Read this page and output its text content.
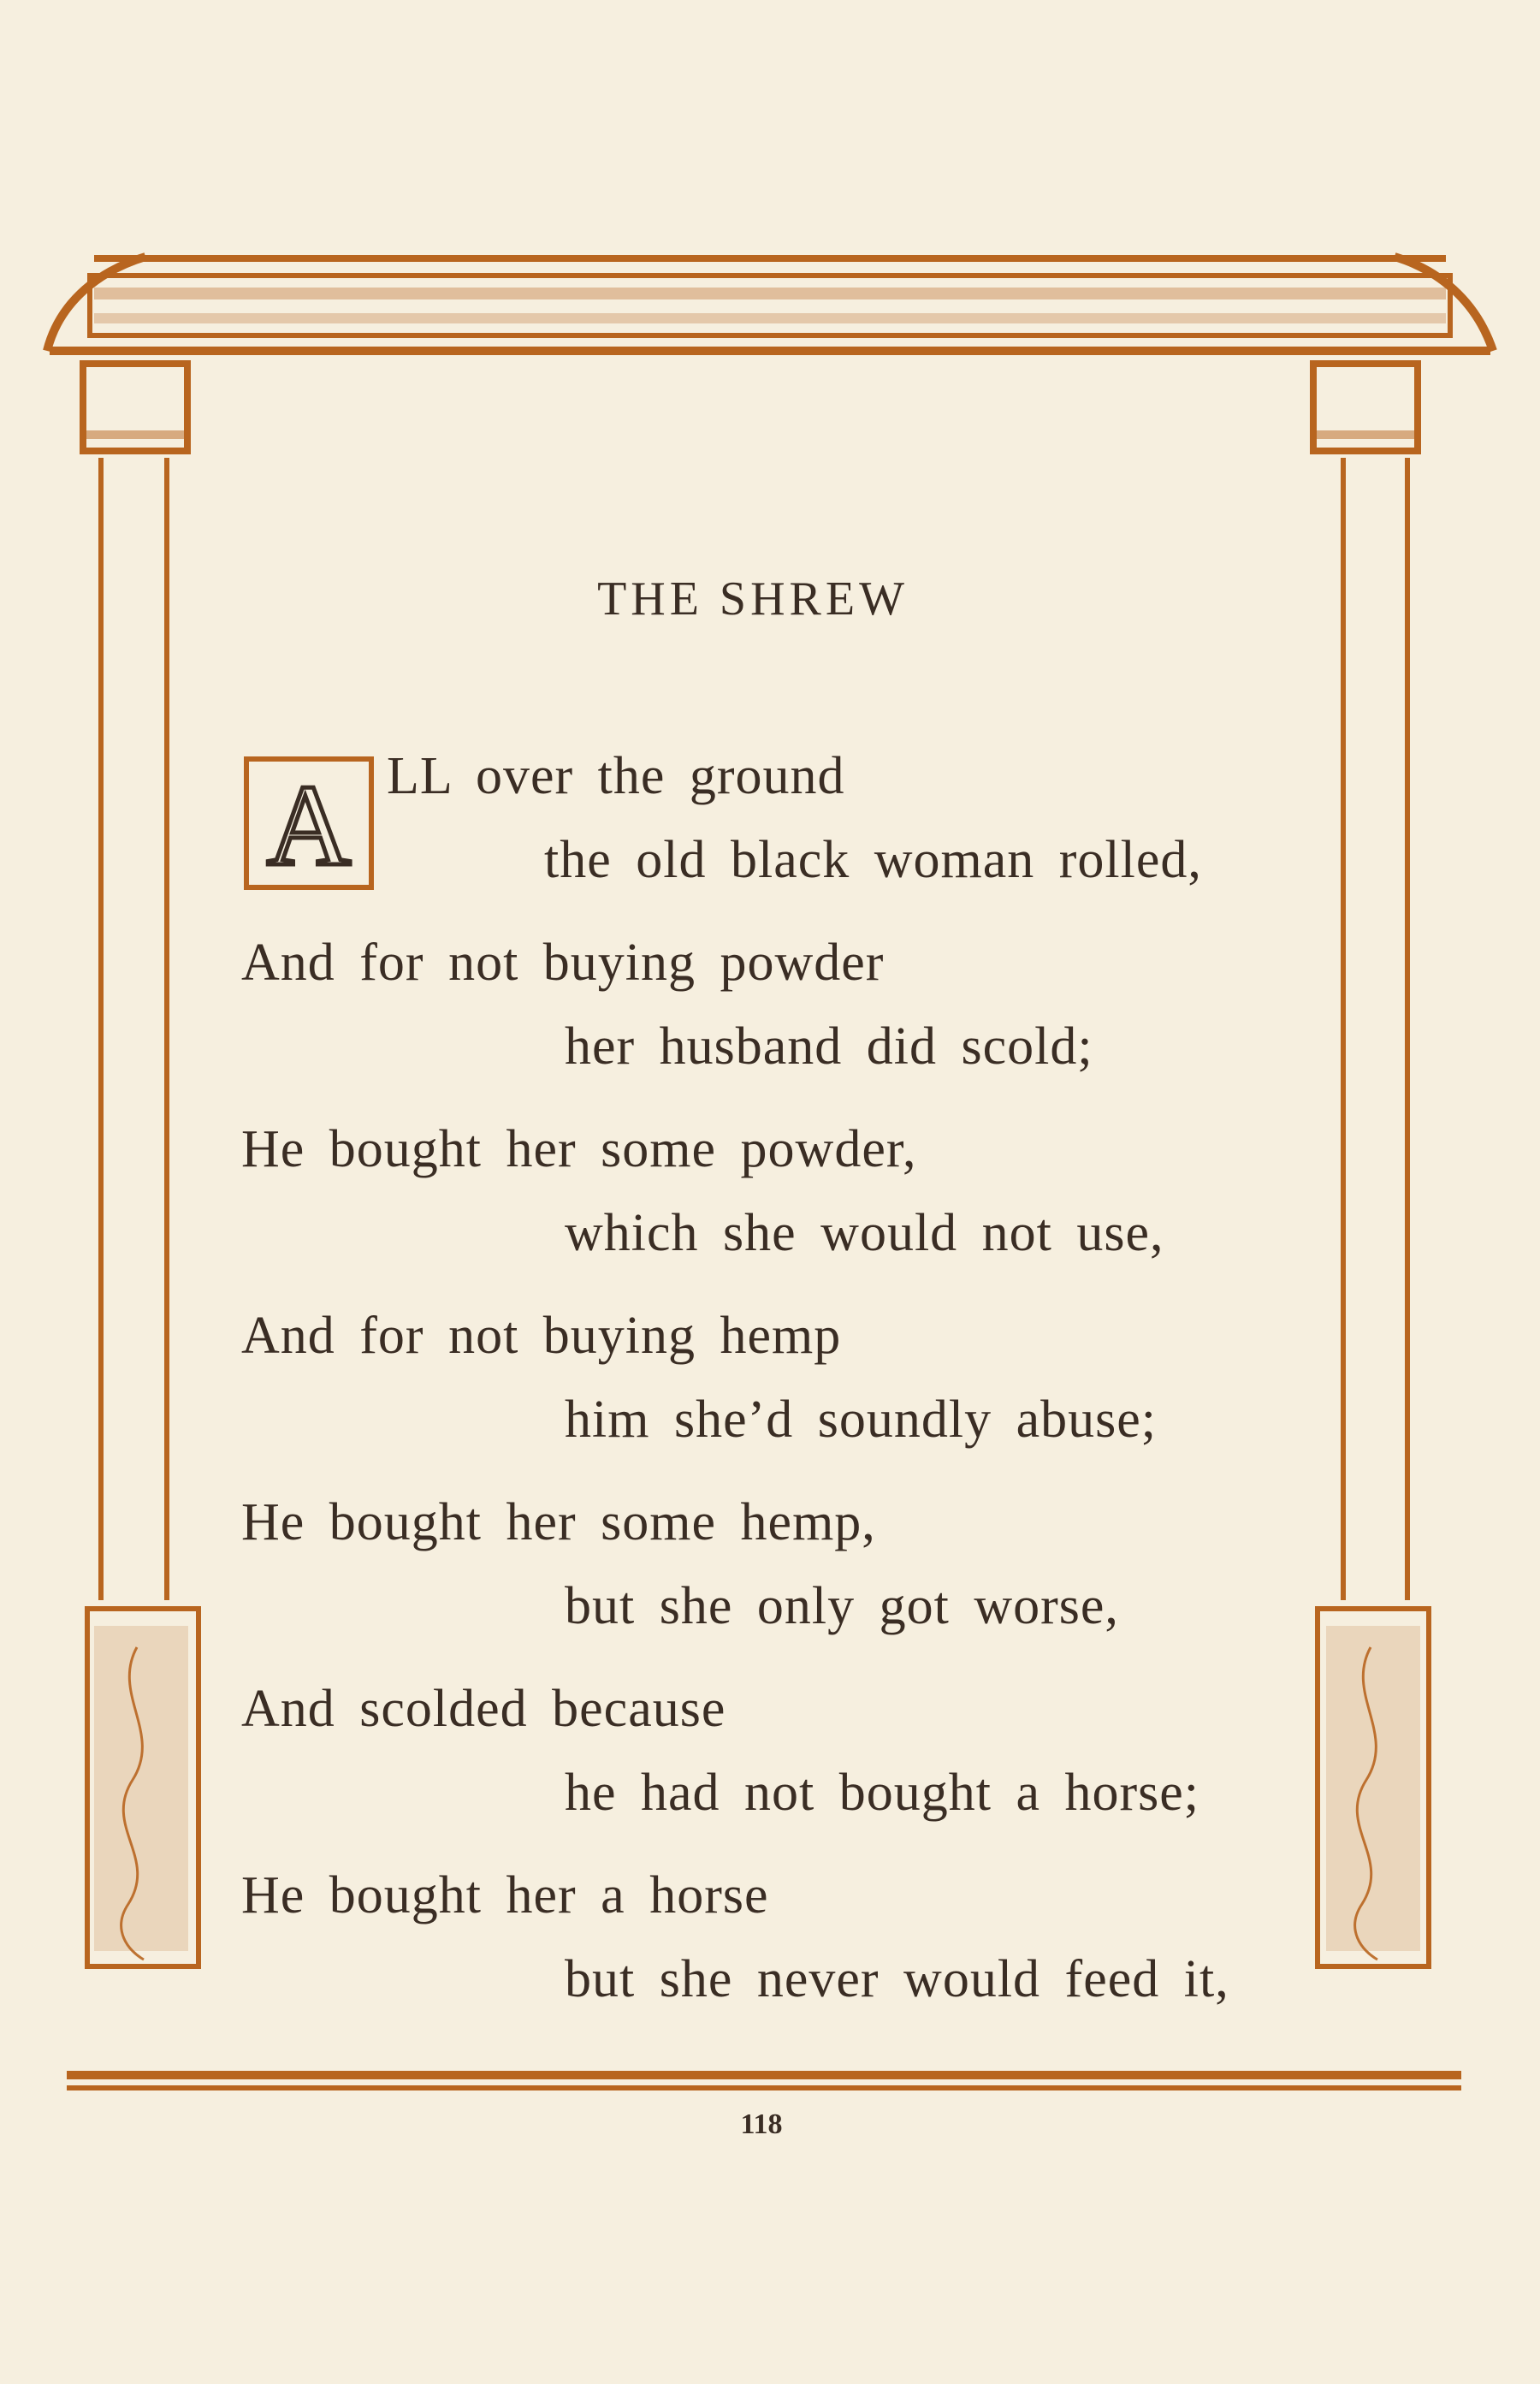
THE SHREW
A LL over the ground
the old black woman rolled,
And for not buying powder
her husband did scold;
He bought her some powder,
which she would not use,
And for not buying hemp
him she’d soundly abuse;
He bought her some hemp,
but she only got worse,
And scolded because
he had not bought a horse;
He bought her a horse
but she never would feed it,
118
